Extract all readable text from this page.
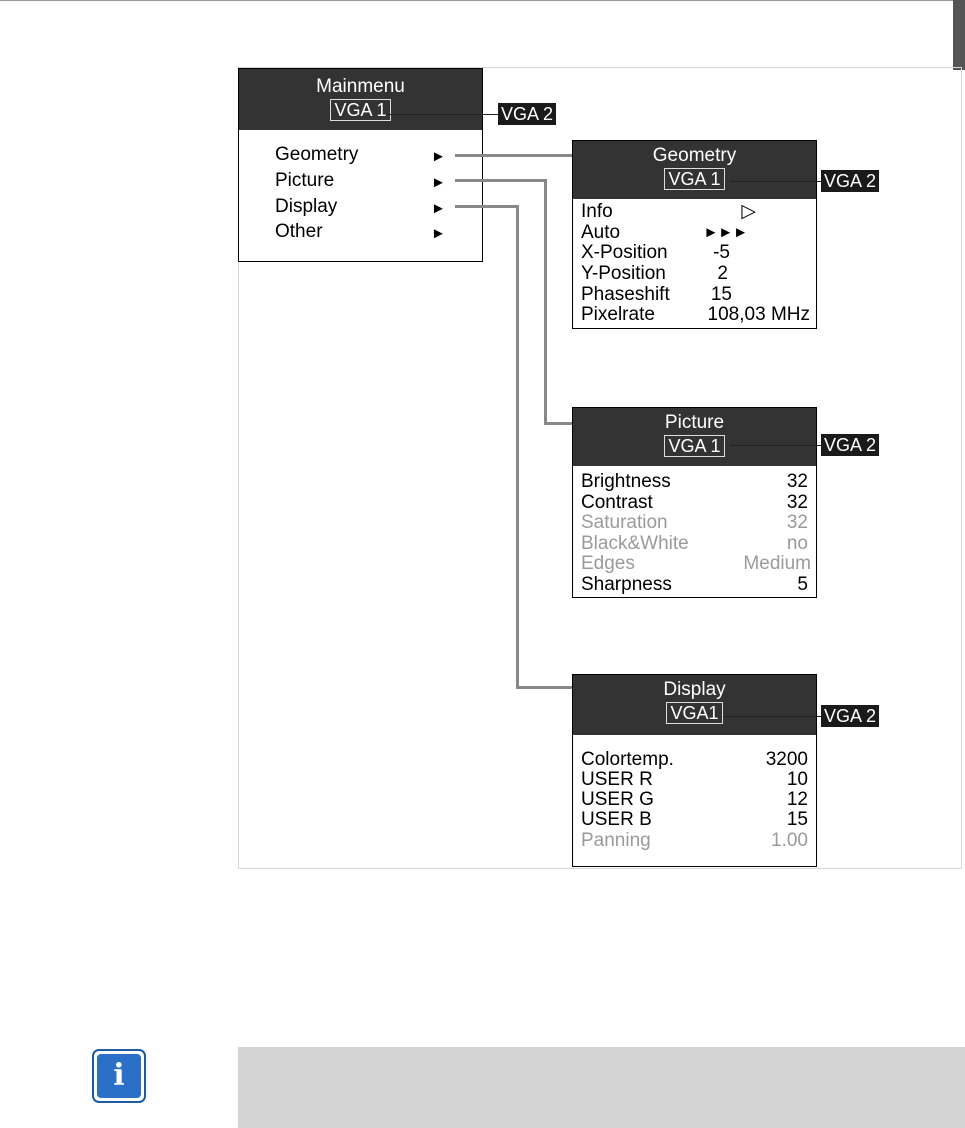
Mainmenu
VGA 1
Geometry	►
Picture	►
Display	►
Other	►
VGA 2
Geometry
VGA 1
Info	▷
Auto	►►►
X-Position -5
Y-Position	2
Phaseshift 15
Pixelrate	108,03 MHz
VGA 2
Picture
VGA 1
Brightness	32
Contrast	32
Saturation	32
Black&White	no
Edges	Medium
Sharpness	5
VGA 2
Display
VGA1
Colortemp.	3200
USER R	10
USER G	12
USER B	15
Panning	1.00
VGA 2
i
